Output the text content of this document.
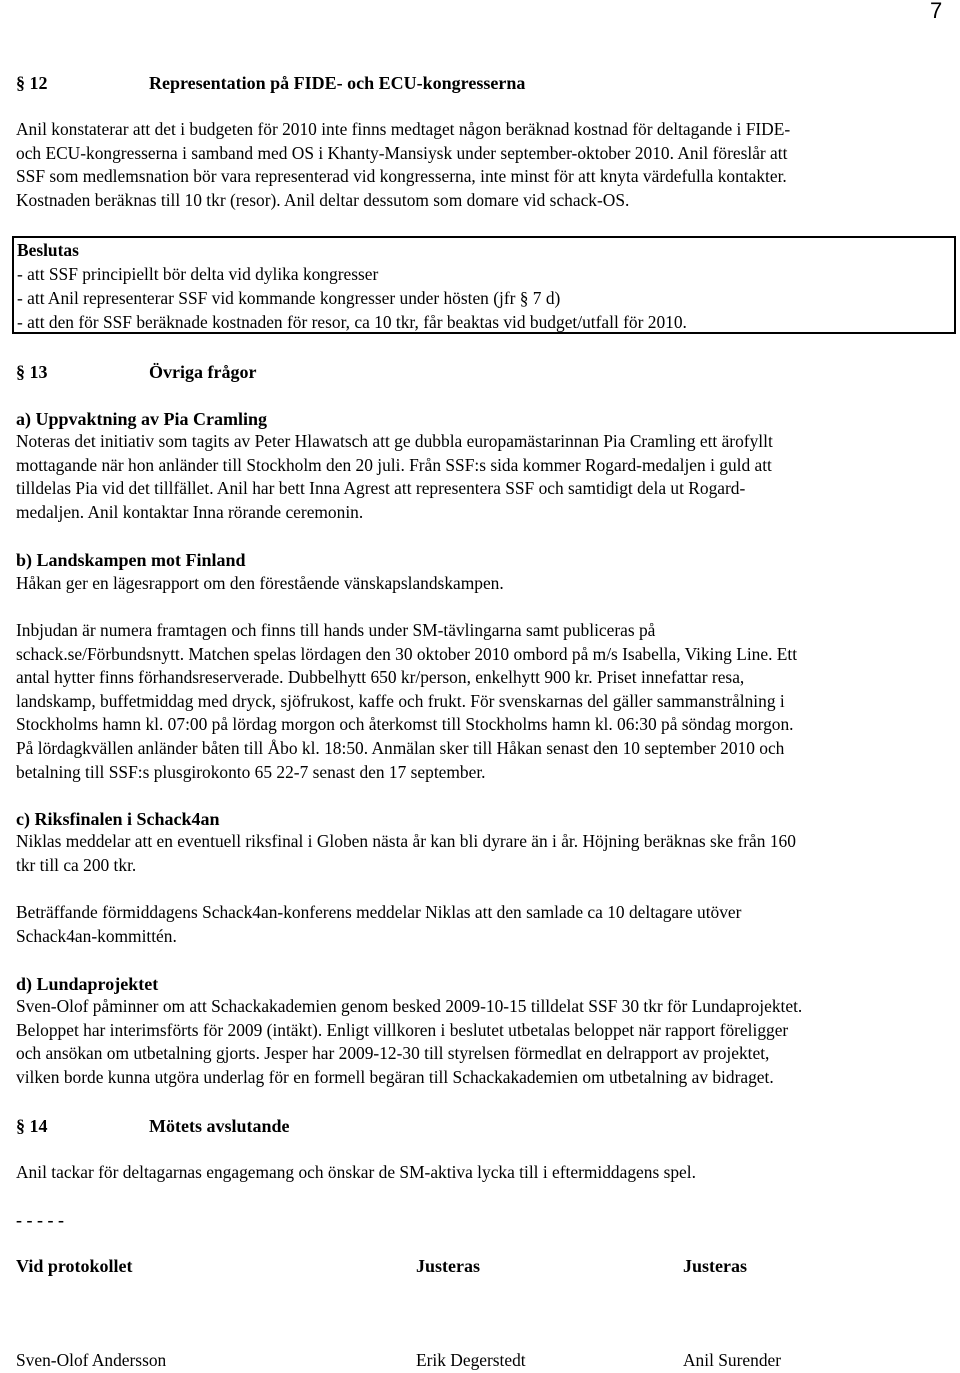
7
§ 12	Representation på FIDE- och ECU-kongresserna

Anil konstaterar att det i budgeten för 2010 inte finns medtaget någon beräknad kostnad för deltagande i FIDE-
och ECU-kongresserna i samband med OS i Khanty-Mansiysk under september-oktober 2010. Anil föreslår att
SSF som medlemsnation bör vara representerad vid kongresserna, inte minst för att knyta värdefulla kontakter.
Kostnaden beräknas till 10 tkr (resor). Anil deltar dessutom som domare vid schack-OS.

Beslutas
- att SSF principiellt bör delta vid dylika kongresser
- att Anil representerar SSF vid kommande kongresser under hösten (jfr § 7 d)
- att den för SSF beräknade kostnaden för resor, ca 10 tkr, får beaktas vid budget/utfall för 2010.
§ 13	Övriga frågor
a) Uppvaktning av Pia Cramling

Noteras det initiativ som tagits av Peter Hlawatsch att ge dubbla europamästarinnan Pia Cramling ett ärofyllt
mottagande när hon anländer till Stockholm den 20 juli. Från SSF:s sida kommer Rogard-medaljen i guld att
tilldelas Pia vid det tillfället. Anil har bett Inna Agrest att representera SSF och samtidigt dela ut Rogard-
medaljen. Anil kontaktar Inna rörande ceremonin.

b) Landskampen mot Finland

Håkan ger en lägesrapport om den förestående vänskapslandskampen.

Inbjudan är numera framtagen och finns till hands under SM-tävlingarna samt publiceras på
schack.se/Förbundsnytt. Matchen spelas lördagen den 30 oktober 2010 ombord på m/s Isabella, Viking Line. Ett
antal hytter finns förhandsreserverade. Dubbelhytt 650 kr/person, enkelhytt 900 kr. Priset innefattar resa,
landskamp, buffetmiddag med dryck, sjöfrukost, kaffe och frukt. För svenskarnas del gäller sammanstrålning i
Stockholms hamn kl. 07:00 på lördag morgon och återkomst till Stockholms hamn kl. 06:30 på söndag morgon.
På lördagkvällen anländer båten till Åbo kl. 18:50. Anmälan sker till Håkan senast den 10 september 2010 och
betalning till SSF:s plusgirokonto 65 22-7 senast den 17 september.

c) Riksfinalen i Schack4an

Niklas meddelar att en eventuell riksfinal i Globen nästa år kan bli dyrare än i år. Höjning beräknas ske från 160
tkr till ca 200 tkr.

Beträffande förmiddagens Schack4an-konferens meddelar Niklas att den samlade ca 10 deltagare utöver
Schack4an-kommittén.

d) Lundaprojektet

Sven-Olof påminner om att Schackakademien genom besked 2009-10-15 tilldelat SSF 30 tkr för Lundaprojektet.
Beloppet har interimsförts för 2009 (intäkt). Enligt villkoren i beslutet utbetalas beloppet när rapport föreligger
och ansökan om utbetalning gjorts. Jesper har 2009-12-30 till styrelsen förmedlat en delrapport av projektet,
vilken borde kunna utgöra underlag för en formell begäran till Schackakademien om utbetalning av bidraget.

§ 14	Mötets avslutande

Anil tackar för deltagarnas engagemang och önskar de SM-aktiva lycka till i eftermiddagens spel.

- - - - -
Vid protokollet	Justeras	Justeras
Sven-Olof Andersson	Erik Degerstedt	Anil Surender
